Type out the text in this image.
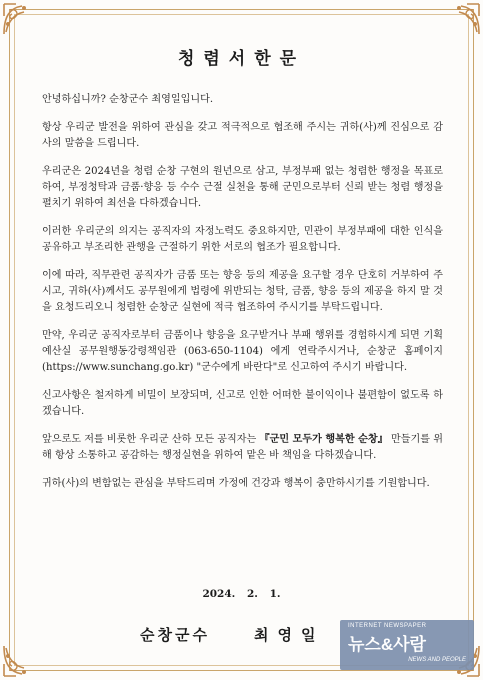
청렴서한문

안녕하십니까? 순창군수 최영일입니다.

항상 우리군 발전을 위하여 관심을 갖고 적극적으로 협조해 주시는 귀하(사)께 진심으로 감사의 말씀을 드립니다.

우리군은 2024년을 청렴 순창 구현의 원년으로 삼고, 부정부패 없는 청렴한 행정을 목표로 하여, 부정청탁과 금품·향응 등 수수 근절 실천을 통해 군민으로부터 신뢰 받는 청렴 행정을 펼치기 위하여 최선을 다하겠습니다.

이러한 우리군의 의지는 공직자의 자정노력도 중요하지만, 민관이 부정부패에 대한 인식을 공유하고 부조리한 관행을 근절하기 위한 서로의 협조가 필요합니다.

이에 따라, 직무관련 공직자가 금품 또는 향응 등의 제공을 요구할 경우 단호히 거부하여 주시고, 귀하(사)께서도 공무원에게 법령에 위반되는 청탁, 금품, 향응 등의 제공을 하지 말 것을 요청드리오니 청렴한 순창군 실현에 적극 협조하여 주시기를 부탁드립니다.

만약, 우리군 공직자로부터 금품이나 향응을 요구받거나 부패 행위를 경험하시게 되면 기획예산실 공무원행동강령책임관 (063-650-1104) 에게 연락주시거나, 순창군 홈페이지(https://www.sunchang.go.kr) "군수에게 바란다"로 신고하여 주시기 바랍니다.

신고사항은 철저하게 비밀이 보장되며, 신고로 인한 어떠한 불이익이나 불편함이 없도록 하겠습니다.

앞으로도 저를 비롯한 우리군 산하 모든 공직자는 『군민 모두가 행복한 순창』 만들기를 위해 항상 소통하고 공감하는 행정실현을 위하여 맡은 바 책임을 다하겠습니다.

귀하(사)의 변함없는 관심을 부탁드리며 가정에 건강과 행복이 충만하시기를 기원합니다.

2024. 2. 1.
순창군수	최영일	INTERNET NEWSPAPER
뉴스&사람
NEWS AND PEOPLE
